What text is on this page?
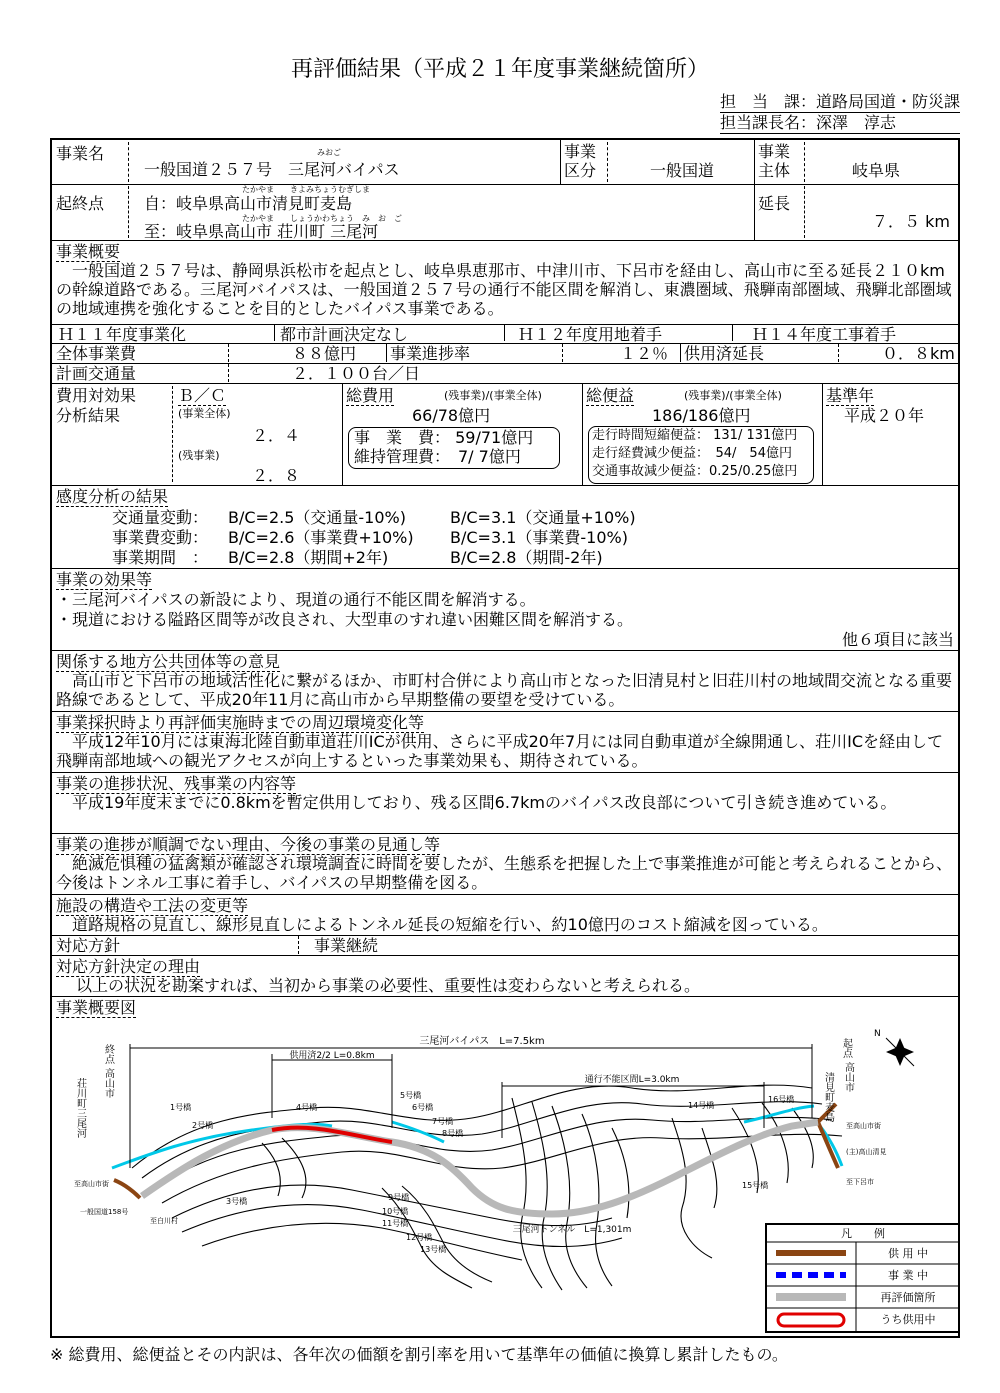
再評価結果（平成２１年度事業継続箇所）
担　当　課：道路局国道・防災課
担当課長名：深澤　淳志
事業名	みおご
一般国道２５７号　三尾河バイパス
事業
区分	一般国道
事業
主体	岐阜県
起終点
たかやま　　きよみちょうむぎしま
自：岐阜県高山市清見町麦島
たかやま　　しょうかわちょう　み　お　ご
至：岐阜県高山市 荘川町 三尾河
延長
７．５ km
事業概要
一般国道２５７号は、静岡県浜松市を起点とし、岐阜県恵那市、中津川市、下呂市を経由し、高山市に至る延長２１０kmの幹線道路である。三尾河バイパスは、一般国道２５７号の通行不能区間を解消し、東濃圏域、飛騨南部圏域、飛騨北部圏域の地域連携を強化することを目的としたバイパス事業である。
Ｈ１１年度事業化	都市計画決定なし	Ｈ１２年度用地着手	Ｈ１４年度工事着手
全体事業費	８８億円 事業進捗率	１２％ 供用済延長	０．８km
計画交通量	２．１００台／日
費用対効果
分析結果
Ｂ／Ｃ
(事業全体)
２．４
(残事業)
２．８
総費用	(残事業)/(事業全体)
66/78億円
事　業　費： 59/71億円
維持管理費：　7/ 7億円
総便益	(残事業)/(事業全体)
186/186億円
走行時間短縮便益： 131/ 131億円
走行経費減少便益：　54/　54億円
交通事故減少便益：0.25/0.25億円
基準年
平成２０年
感度分析の結果
交通量変動： B/C=2.5（交通量-10%)	B/C=3.1（交通量+10%)
事業費変動： B/C=2.6（事業費+10%) B/C=3.1（事業費-10%)
事業期間　： B/C=2.8（期間+2年)	B/C=2.8（期間-2年)
事業の効果等
・三尾河バイパスの新設により、現道の通行不能区間を解消する。
・現道における隘路区間等が改良され、大型車のすれ違い困難区間を解消する。
他６項目に該当
関係する地方公共団体等の意見
高山市と下呂市の地域活性化に繋がるほか、市町村合併により高山市となった旧清見村と旧荘川村の地域間交流となる重要路線であるとして、平成20年11月に高山市から早期整備の要望を受けている。
事業採択時より再評価実施時までの周辺環境変化等
平成12年10月には東海北陸自動車道荘川ICが供用、さらに平成20年7月には同自動車道が全線開通し、荘川ICを経由して飛騨南部地域への観光アクセスが向上するといった事業効果も、期待されている。
事業の進捗状況、残事業の内容等
平成19年度末までに0.8kmを暫定供用しており、残る区間6.7kmのバイパス改良部について引き続き進めている。
事業の進捗が順調でない理由、今後の事業の見通し等
絶滅危惧種の猛禽類が確認され環境調査に時間を要したが、生態系を把握した上で事業推進が可能と考えられることから、今後はトンネル工事に着手し、バイパスの早期整備を図る。
施設の構造や工法の変更等
道路規格の見直し、線形見直しによるトンネル延長の短縮を行い、約10億円のコスト縮減を図っている。
対応方針	事業継続
対応方針決定の理由
以上の状況を勘案すれば、当初から事業の必要性、重要性は変わらないと考えられる。
事業概要図
三尾河バイパス　L=7.5km
供用済2/2 L=0.8km
通行不能区間L=3.0km
三尾河トンネル　L=1,301m
終点
高山市
荘川町三尾河
起点
高山市
清見町麦島
至高山市街
一般国道158号
至白川村
至高山市街
(主)高山清見
至下呂市
1号橋
2号橋
3号橋
4号橋
5号橋
6号橋
7号橋
8号橋
9号橋
10号橋
11号橋
12号橋
13号橋
14号橋
15号橋
16号橋
N
凡　　例
供 用 中
事 業 中
再評価箇所
うち供用中
※ 総費用、総便益とその内訳は、各年次の価額を割引率を用いて基準年の価値に換算し累計したもの。
